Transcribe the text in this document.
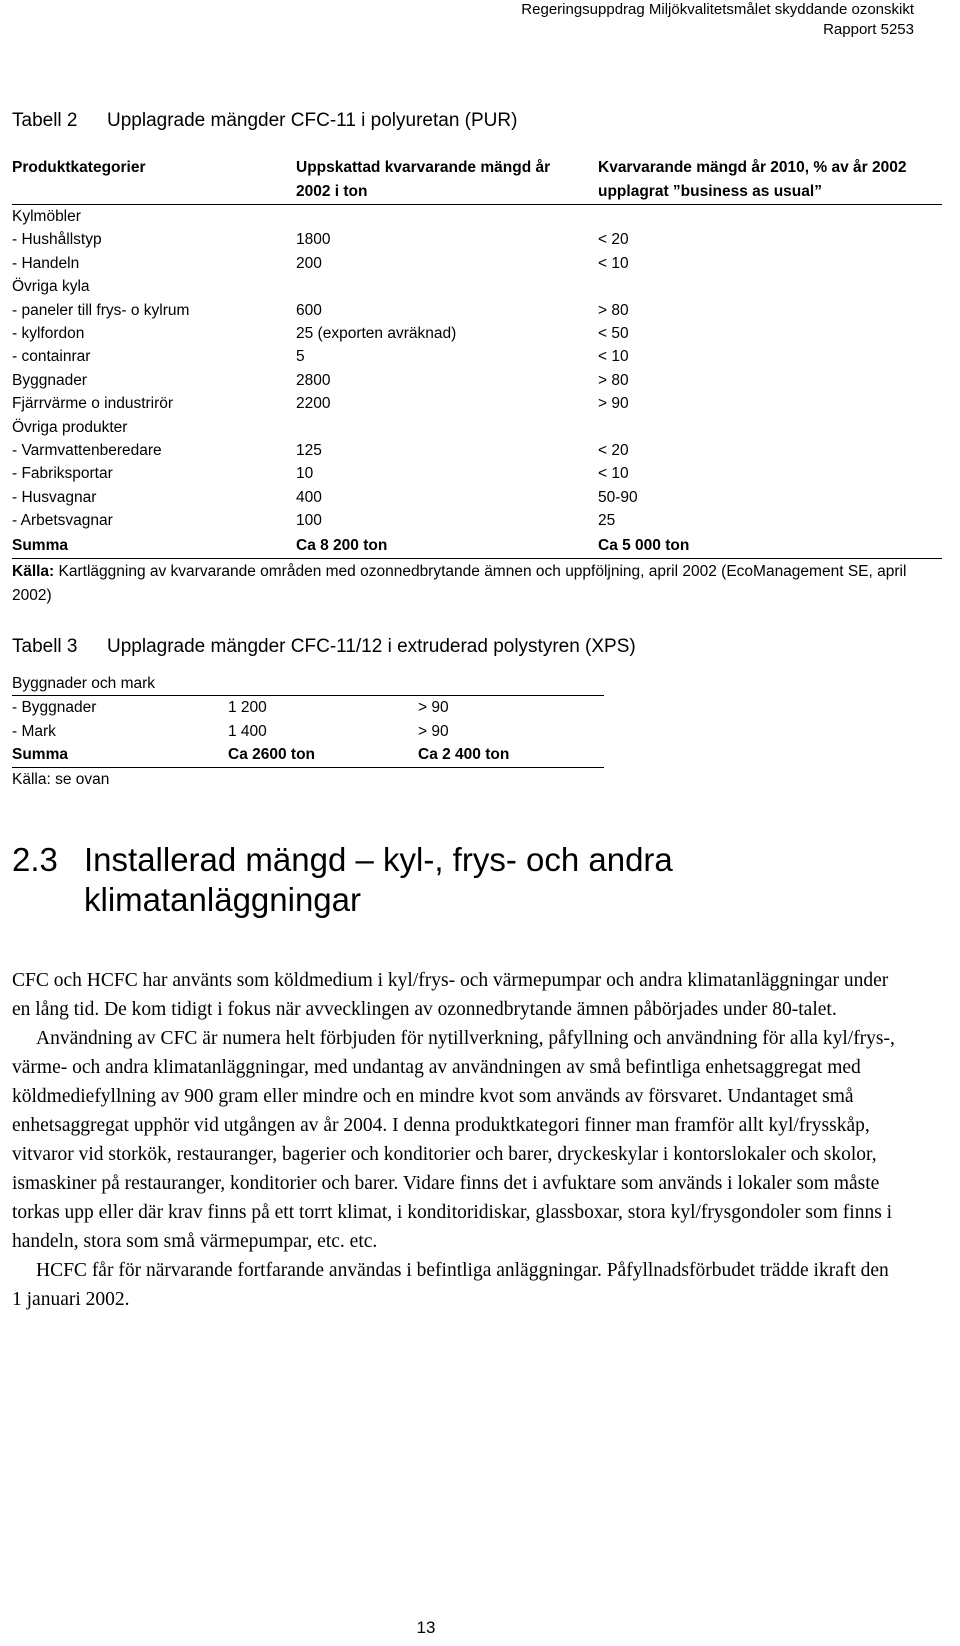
Regeringsuppdrag Miljökvalitetsmålet skyddande ozonskikt
Rapport 5253
Tabell 2 Upplagrade mängder CFC-11 i polyuretan (PUR)
Produktkategorier	Uppskattad kvarvarande mängd år 2002 i ton	Kvarvarande mängd år 2010, % av år 2002 upplagrat ”business as usual”
Kylmöbler		
- Hushållstyp	1800	< 20
- Handeln	200	< 10
Övriga kyla		
- paneler till frys- o kylrum	600	> 80
- kylfordon	25 (exporten avräknad)	< 50
- containrar	5	< 10
Byggnader	2800	> 80
Fjärrvärme o industrirör	2200	> 90
Övriga produkter		
- Varmvattenberedare	125	< 20
- Fabriksportar	10	< 10
- Husvagnar	400	50-90
- Arbetsvagnar	100	25
Summa	Ca 8 200 ton	Ca 5 000 ton
Källa: Kartläggning av kvarvarande områden med ozonnedbrytande ämnen och uppföljning, april 2002 (EcoManagement SE, april 2002)		
Tabell 3 Upplagrade mängder CFC-11/12 i extruderad polystyren (XPS)
Byggnader och mark		
- Byggnader	1 200	> 90
- Mark	1 400	> 90
Summa	Ca 2600 ton	Ca 2 400 ton
Källa: se ovan		
2.3 Installerad mängd – kyl-, frys- och andra klimatanläggningar

CFC och HCFC har använts som köldmedium i kyl/frys- och värmepumpar och andra klimatanläggningar under en lång tid. De kom tidigt i fokus när avvecklingen av ozonnedbrytande ämnen påbörjades under 80-talet.

Användning av CFC är numera helt förbjuden för nytillverkning, påfyllning och användning för alla kyl/frys-, värme- och andra klimatanläggningar, med undantag av användningen av små befintliga enhetsaggregat med köldmediefyllning av 900 gram eller mindre och en mindre kvot som används av försvaret. Undantaget små enhetsaggregat upphör vid utgången av år 2004. I denna produktkategori finner man framför allt kyl/frysskåp, vitvaror vid storkök, restauranger, bagerier och konditorier och barer, dryckeskylar i kontorslokaler och skolor, ismaskiner på restauranger, konditorier och barer. Vidare finns det i avfuktare som används i lokaler som måste torkas upp eller där krav finns på ett torrt klimat, i konditoridiskar, glassboxar, stora kyl/frysgondoler som finns i handeln, stora som små värmepumpar, etc. etc.

HCFC får för närvarande fortfarande användas i befintliga anläggningar. Påfyllnadsförbudet trädde ikraft den 1 januari 2002.

13
